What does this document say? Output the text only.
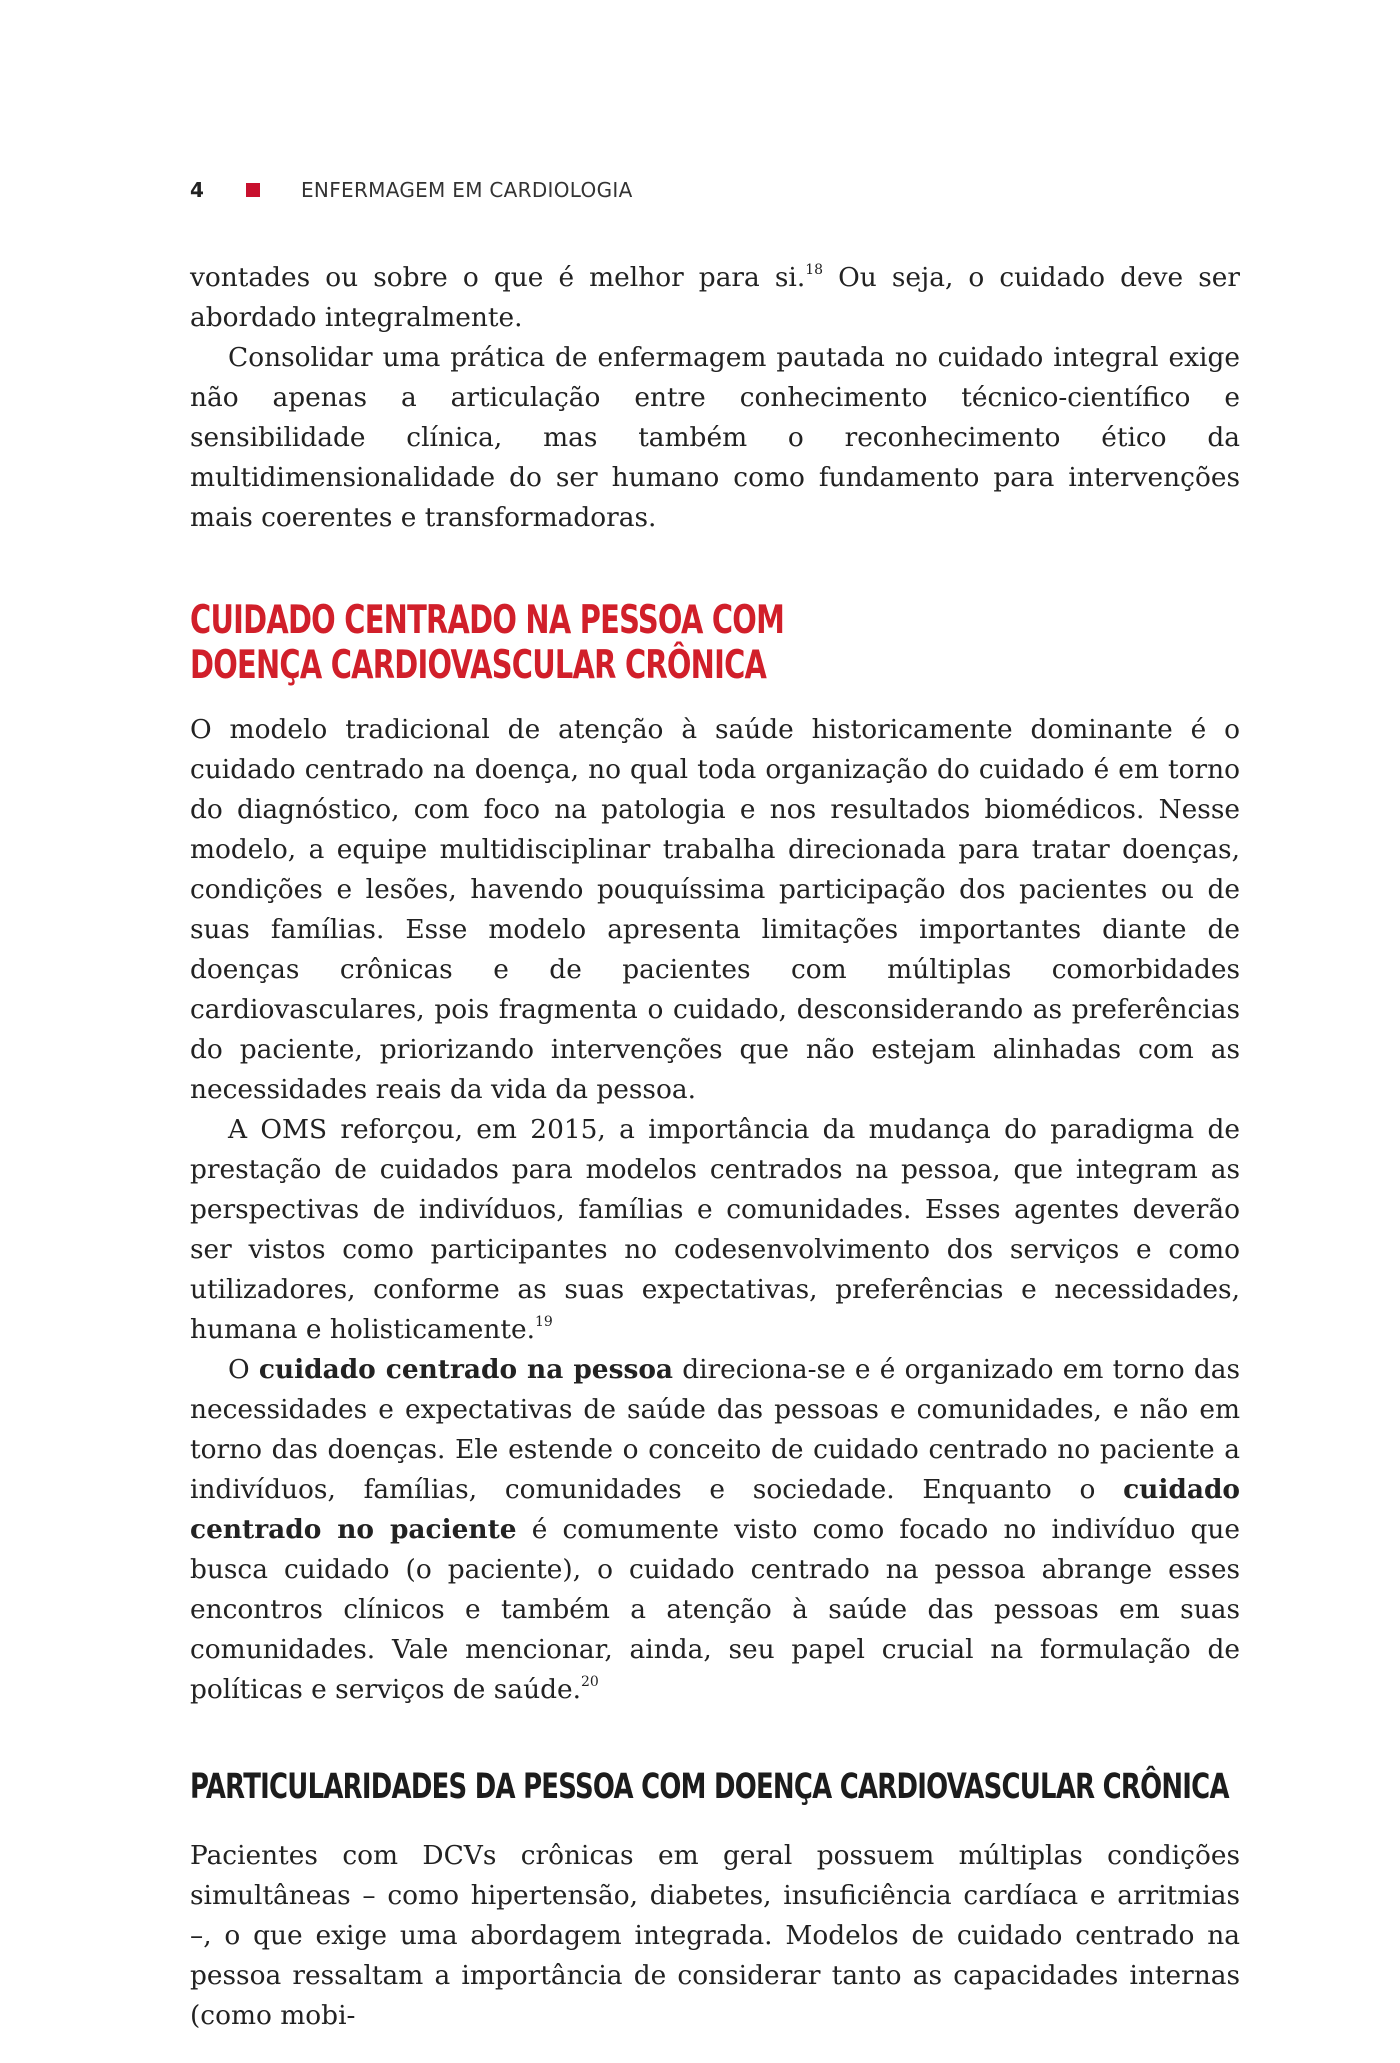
4	ENFERMAGEM EM CARDIOLOGIA

vontades ou sobre o que é melhor para si.$^{18}$ Ou seja, o cuidado deve ser abordado integralmente.

Consolidar uma prática de enfermagem pautada no cuidado integral exige não apenas a articulação entre conhecimento técnico-científico e sensibilidade clínica, mas também o reconhecimento ético da multidimensionalidade do ser humano como fundamento para intervenções mais coerentes e transformadoras.

CUIDADO CENTRADO NA PESSOA COM
DOENÇA CARDIOVASCULAR CRÔNICA

O modelo tradicional de atenção à saúde historicamente dominante é o cuidado centrado na doença, no qual toda organização do cuidado é em torno do diagnóstico, com foco na patologia e nos resultados biomédicos. Nesse modelo, a equipe multidisciplinar trabalha direcionada para tratar doenças, condições e lesões, havendo pouquíssima participação dos pacientes ou de suas famílias. Esse modelo apresenta limitações importantes diante de doenças crônicas e de pacientes com múltiplas comorbidades cardiovasculares, pois fragmenta o cuidado, desconsiderando as preferências do paciente, priorizando intervenções que não estejam alinhadas com as necessidades reais da vida da pessoa.

A OMS reforçou, em 2015, a importância da mudança do paradigma de prestação de cuidados para modelos centrados na pessoa, que integram as perspectivas de indivíduos, famílias e comunidades. Esses agentes deverão ser vistos como participantes no codesenvolvimento dos serviços e como utilizadores, conforme as suas expectativas, preferências e necessidades, humana e holisticamente.$^{19}$

O cuidado centrado na pessoa direciona-se e é organizado em torno das necessidades e expectativas de saúde das pessoas e comunidades, e não em torno das doenças. Ele estende o conceito de cuidado centrado no paciente a indivíduos, famílias, comunidades e sociedade. Enquanto o cuidado centrado no paciente é comumente visto como focado no indivíduo que busca cuidado (o paciente), o cuidado centrado na pessoa abrange esses encontros clínicos e também a atenção à saúde das pessoas em suas comunidades. Vale mencionar, ainda, seu papel crucial na formulação de políticas e serviços de saúde.$^{20}$

PARTICULARIDADES DA PESSOA COM DOENÇA CARDIOVASCULAR CRÔNICA

Pacientes com DCVs crônicas em geral possuem múltiplas condições simultâneas – como hipertensão, diabetes, insuficiência cardíaca e arritmias –, o que exige uma abordagem integrada. Modelos de cuidado centrado na pessoa ressaltam a importância de considerar tanto as capacidades internas (como mobi-
